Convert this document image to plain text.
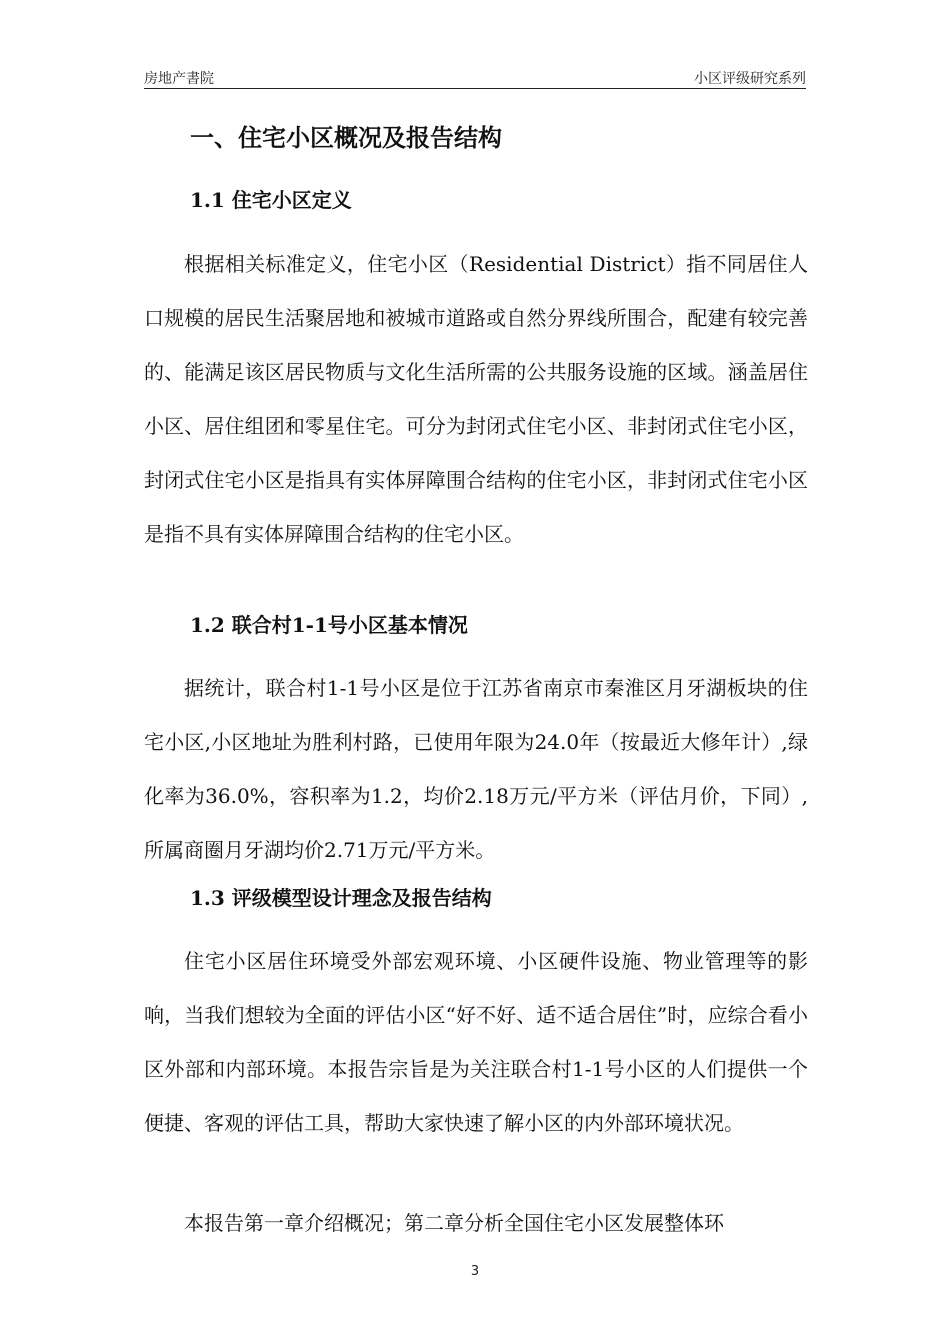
房地产書院	小区评级研究系列
一、住宅小区概况及报告结构
1.1 住宅小区定义

根据相关标准定义，住宅小区（Residential District）指不同居住人口规模的居民生活聚居地和被城市道路或自然分界线所围合，配建有较完善的、能满足该区居民物质与文化生活所需的公共服务设施的区域。涵盖居住小区、居住组团和零星住宅。可分为封闭式住宅小区、非封闭式住宅小区，封闭式住宅小区是指具有实体屏障围合结构的住宅小区，非封闭式住宅小区是指不具有实体屏障围合结构的住宅小区。

1.2 联合村1-1号小区基本情况

据统计，联合村1-1号小区是位于江苏省南京市秦淮区月牙湖板块的住宅小区,小区地址为胜利村路，已使用年限为24.0年（按最近大修年计）,绿化率为36.0%，容积率为1.2，均价2.18万元/平方米（评估月价，下同）,所属商圈月牙湖均价2.71万元/平方米。

1.3 评级模型设计理念及报告结构

住宅小区居住环境受外部宏观环境、小区硬件设施、物业管理等的影响，当我们想较为全面的评估小区“好不好、适不适合居住”时，应综合看小区外部和内部环境。本报告宗旨是为关注联合村1-1号小区的人们提供一个便捷、客观的评估工具，帮助大家快速了解小区的内外部环境状况。

本报告第一章介绍概况；第二章分析全国住宅小区发展整体环

3
